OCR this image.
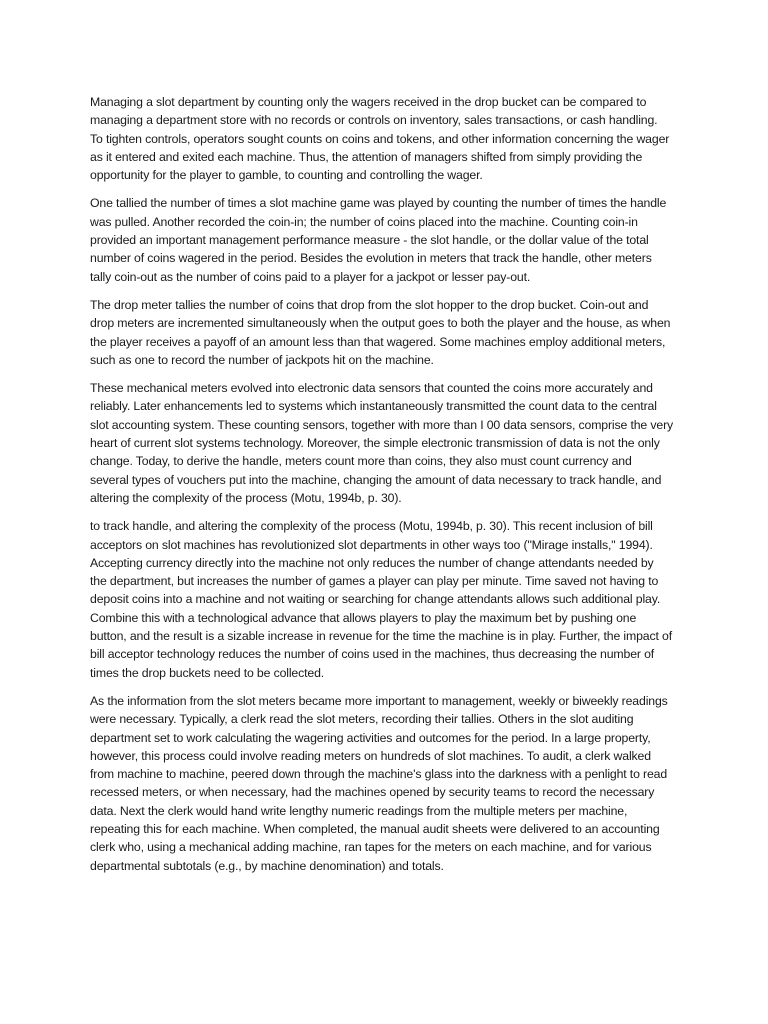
Managing a slot department by counting only the wagers received in the drop bucket can be compared to managing a department store with no records or controls on inventory, sales transactions, or cash handling. To tighten controls, operators sought counts on coins and tokens, and other information concerning the wager as it entered and exited each machine. Thus, the attention of managers shifted from simply providing the opportunity for the player to gamble, to counting and controlling the wager.

One tallied the number of times a slot machine game was played by counting the number of times the handle was pulled. Another recorded the coin-in; the number of coins placed into the machine. Counting coin-in provided an important management performance measure - the slot handle, or the dollar value of the total number of coins wagered in the period. Besides the evolution in meters that track the handle, other meters tally coin-out as the number of coins paid to a player for a jackpot or lesser pay-out.

The drop meter tallies the number of coins that drop from the slot hopper to the drop bucket. Coin-out and drop meters are incremented simultaneously when the output goes to both the player and the house, as when the player receives a payoff of an amount less than that wagered. Some machines employ additional meters, such as one to record the number of jackpots hit on the machine.

These mechanical meters evolved into electronic data sensors that counted the coins more accurately and reliably. Later enhancements led to systems which instantaneously transmitted the count data to the central slot accounting system. These counting sensors, together with more than I 00 data sensors, comprise the very heart of current slot systems technology. Moreover, the simple electronic transmission of data is not the only change. Today, to derive the handle, meters count more than coins, they also must count currency and several types of vouchers put into the machine, changing the amount of data necessary to track handle, and altering the complexity of the process (Motu, 1994b, p. 30).

to track handle, and altering the complexity of the process (Motu, 1994b, p. 30). This recent inclusion of bill acceptors on slot machines has revolutionized slot departments in other ways too ("Mirage installs," 1994). Accepting currency directly into the machine not only reduces the number of change attendants needed by the department, but increases the number of games a player can play per minute. Time saved not having to deposit coins into a machine and not waiting or searching for change attendants allows such additional play. Combine this with a technological advance that allows players to play the maximum bet by pushing one button, and the result is a sizable increase in revenue for the time the machine is in play. Further, the impact of bill acceptor technology reduces the number of coins used in the machines, thus decreasing the number of times the drop buckets need to be collected.

As the information from the slot meters became more important to management, weekly or biweekly readings were necessary. Typically, a clerk read the slot meters, recording their tallies. Others in the slot auditing department set to work calculating the wagering activities and outcomes for the period. In a large property, however, this process could involve reading meters on hundreds of slot machines. To audit, a clerk walked from machine to machine, peered down through the machine's glass into the darkness with a penlight to read recessed meters, or when necessary, had the machines opened by security teams to record the necessary data. Next the clerk would hand write lengthy numeric readings from the multiple meters per machine, repeating this for each machine. When completed, the manual audit sheets were delivered to an accounting clerk who, using a mechanical adding machine, ran tapes for the meters on each machine, and for various departmental subtotals (e.g., by machine denomination) and totals.
